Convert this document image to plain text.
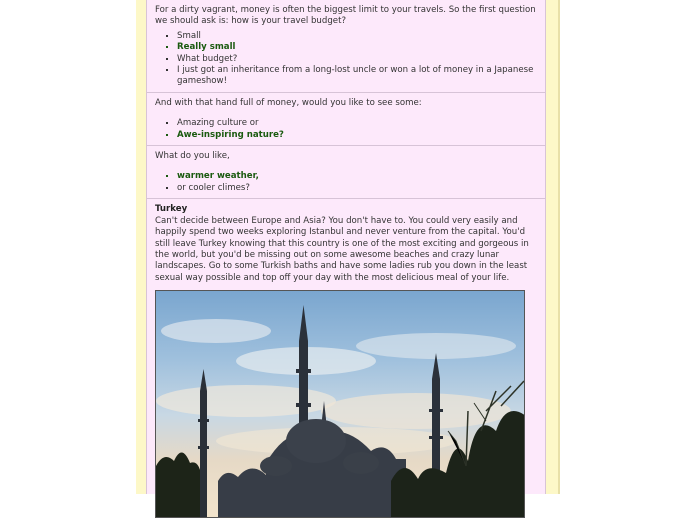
For a dirty vagrant, money is often the biggest limit to your travels. So the first question we should ask is: how is your travel budget?

▪ Small
▪ Really small
▪ What budget?
▪ I just got an inheritance from a long-lost uncle or won a lot of money in a Japanese gameshow!

And with that hand full of money, would you like to see some:

▪ Amazing culture or
▪ Awe-inspiring nature?

What do you like,

▪ warmer weather,
▪ or cooler climes?
Turkey

Can't decide between Europe and Asia? You don't have to. You could very easily and happily spend two weeks exploring Istanbul and never venture from the capital. You'd still leave Turkey knowing that this country is one of the most exciting and gorgeous in the world, but you'd be missing out on some awesome beaches and crazy lunar landscapes. Go to some Turkish baths and have some ladies rub you down in the least sexual way possible and top off your day with the most delicious meal of your life.
